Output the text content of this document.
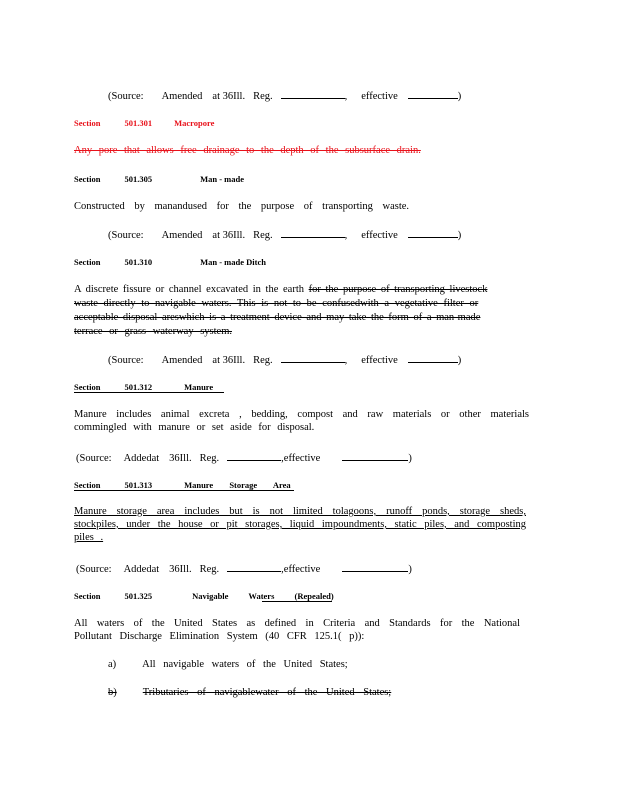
(Source: Amended at 36Ill. Reg.	, effective	)
Section	501.301	Macropore
Any pore that allows free drainage to the depth of the subsurface drain.
Section	501.305	Man - made
Constructed by manandused for the purpose of transporting waste.
(Source: Amended at 36Ill. Reg.	, effective	)
Section	501.310	Man - made Ditch
A discrete fissure or channel excavated in the earth for the purpose of transporting livestock
waste directly to navigable waters. This is not to be confusedwith a vegetative filter or
acceptable disposal areswhich is a treatment device and may take the form of a man-made
terrace or grass waterway system.
(Source: Amended at 36Ill. Reg.	, effective	)
Section	501.312	Manure
Manure includes animal excreta , bedding, compost and raw materials or other materials commingled with manure or set aside for disposal.
(Source: Addedat 36Ill. Reg.	,effective	)
Section	501.313	Manure Storage Area
Manure storage area includes but is not limited tolagoons, runoff ponds, storage sheds, stockpiles, under the house or pit storages, liquid impoundments, static piles, and composting piles .
(Source: Addedat 36Ill. Reg.	,effective	)
Section	501.325	Navigable Waters (Repealed)
All waters of the United States as defined in Criteria and Standards for the National Pollutant Discharge Elimination System (40 CFR 125.1( p)):
a) All navigable waters of the United States;
b) Tributaries of navigablewater of the United States;
